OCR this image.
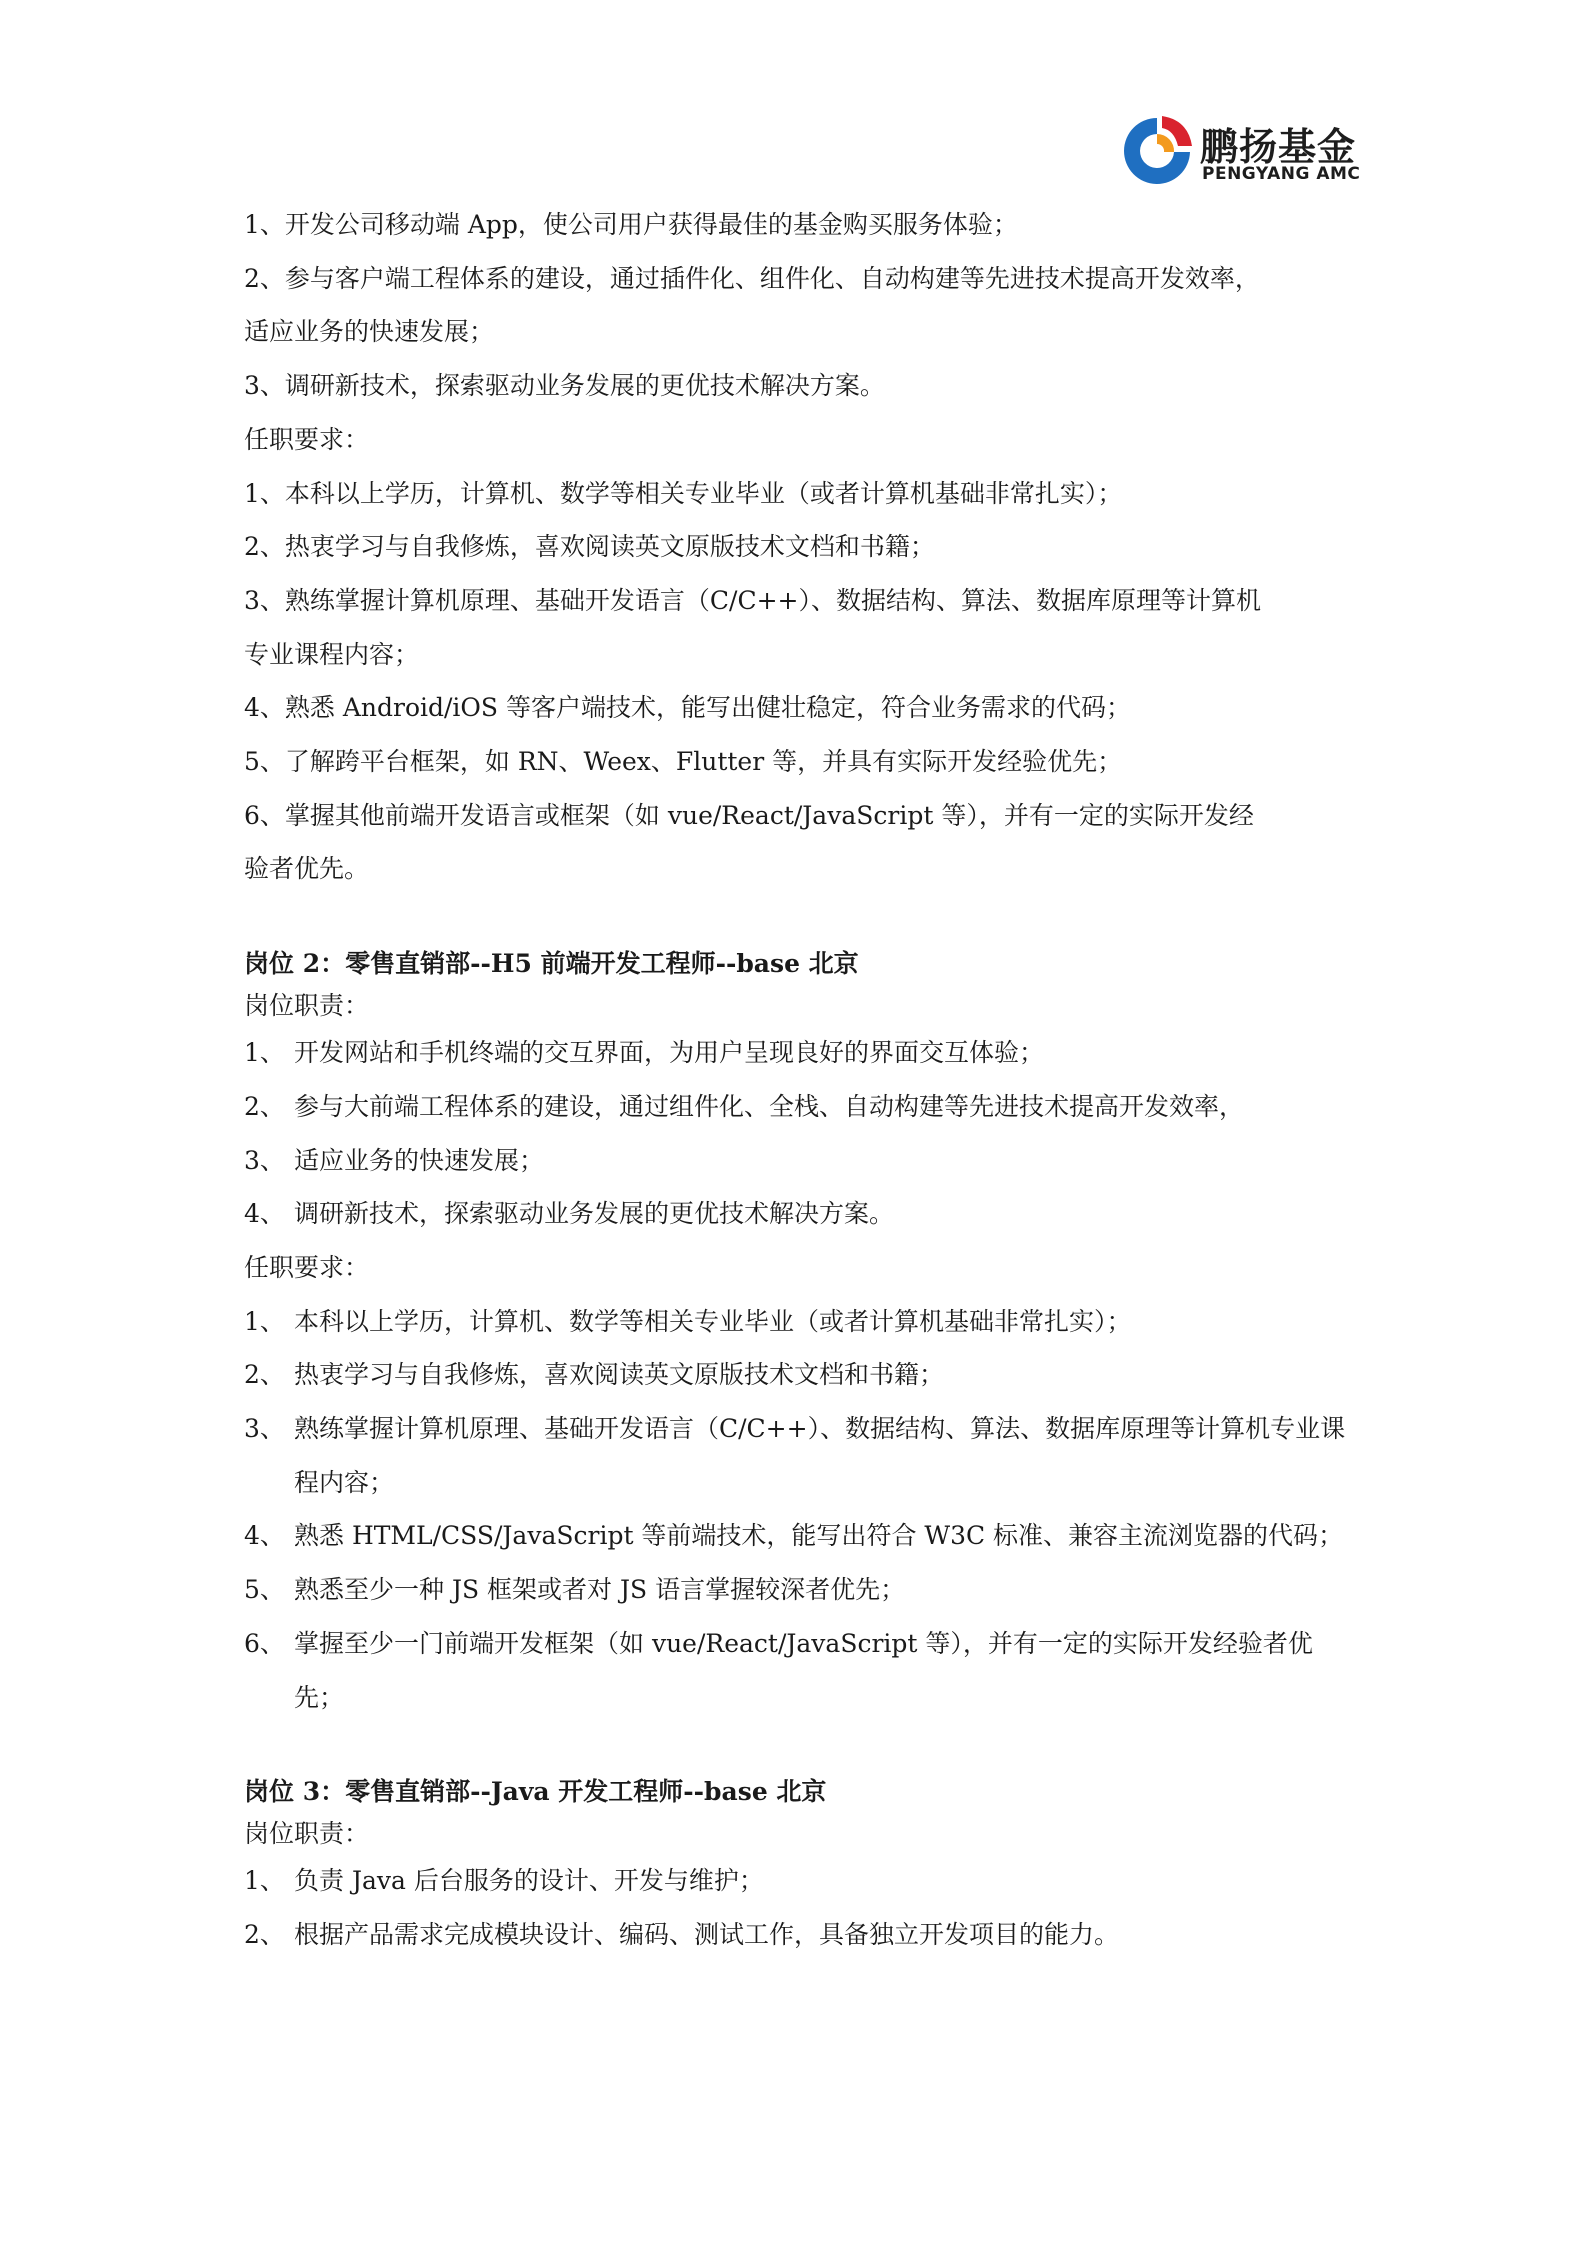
鹏扬基金
PENGYANG AMC
1、开发公司移动端 App，使公司用户获得最佳的基金购买服务体验；
2、参与客户端工程体系的建设，通过插件化、组件化、自动构建等先进技术提高开发效率，
适应业务的快速发展；
3、调研新技术，探索驱动业务发展的更优技术解决方案。
任职要求：
1、本科以上学历，计算机、数学等相关专业毕业（或者计算机基础非常扎实）；
2、热衷学习与自我修炼，喜欢阅读英文原版技术文档和书籍；
3、熟练掌握计算机原理、基础开发语言（C/C++）、数据结构、算法、数据库原理等计算机
专业课程内容；
4、熟悉 Android/iOS 等客户端技术，能写出健壮稳定，符合业务需求的代码；
5、了解跨平台框架，如 RN、Weex、Flutter 等，并具有实际开发经验优先；
6、掌握其他前端开发语言或框架（如 vue/React/JavaScript 等），并有一定的实际开发经
验者优先。
岗位 2：零售直销部--H5 前端开发工程师--base 北京
岗位职责：
1、 开发网站和手机终端的交互界面，为用户呈现良好的界面交互体验；
2、 参与大前端工程体系的建设，通过组件化、全栈、自动构建等先进技术提高开发效率，
3、 适应业务的快速发展；
4、 调研新技术，探索驱动业务发展的更优技术解决方案。
任职要求：
1、 本科以上学历，计算机、数学等相关专业毕业（或者计算机基础非常扎实）；
2、 热衷学习与自我修炼，喜欢阅读英文原版技术文档和书籍；
3、 熟练掌握计算机原理、基础开发语言（C/C++）、数据结构、算法、数据库原理等计算机专业课程内容；
4、 熟悉 HTML/CSS/JavaScript 等前端技术，能写出符合 W3C 标准、兼容主流浏览器的代码；
5、 熟悉至少一种 JS 框架或者对 JS 语言掌握较深者优先；
6、 掌握至少一门前端开发框架（如 vue/React/JavaScript 等），并有一定的实际开发经验者优先；
岗位 3：零售直销部--Java 开发工程师--base 北京
岗位职责：
1、 负责 Java 后台服务的设计、开发与维护；
2、 根据产品需求完成模块设计、编码、测试工作，具备独立开发项目的能力。
